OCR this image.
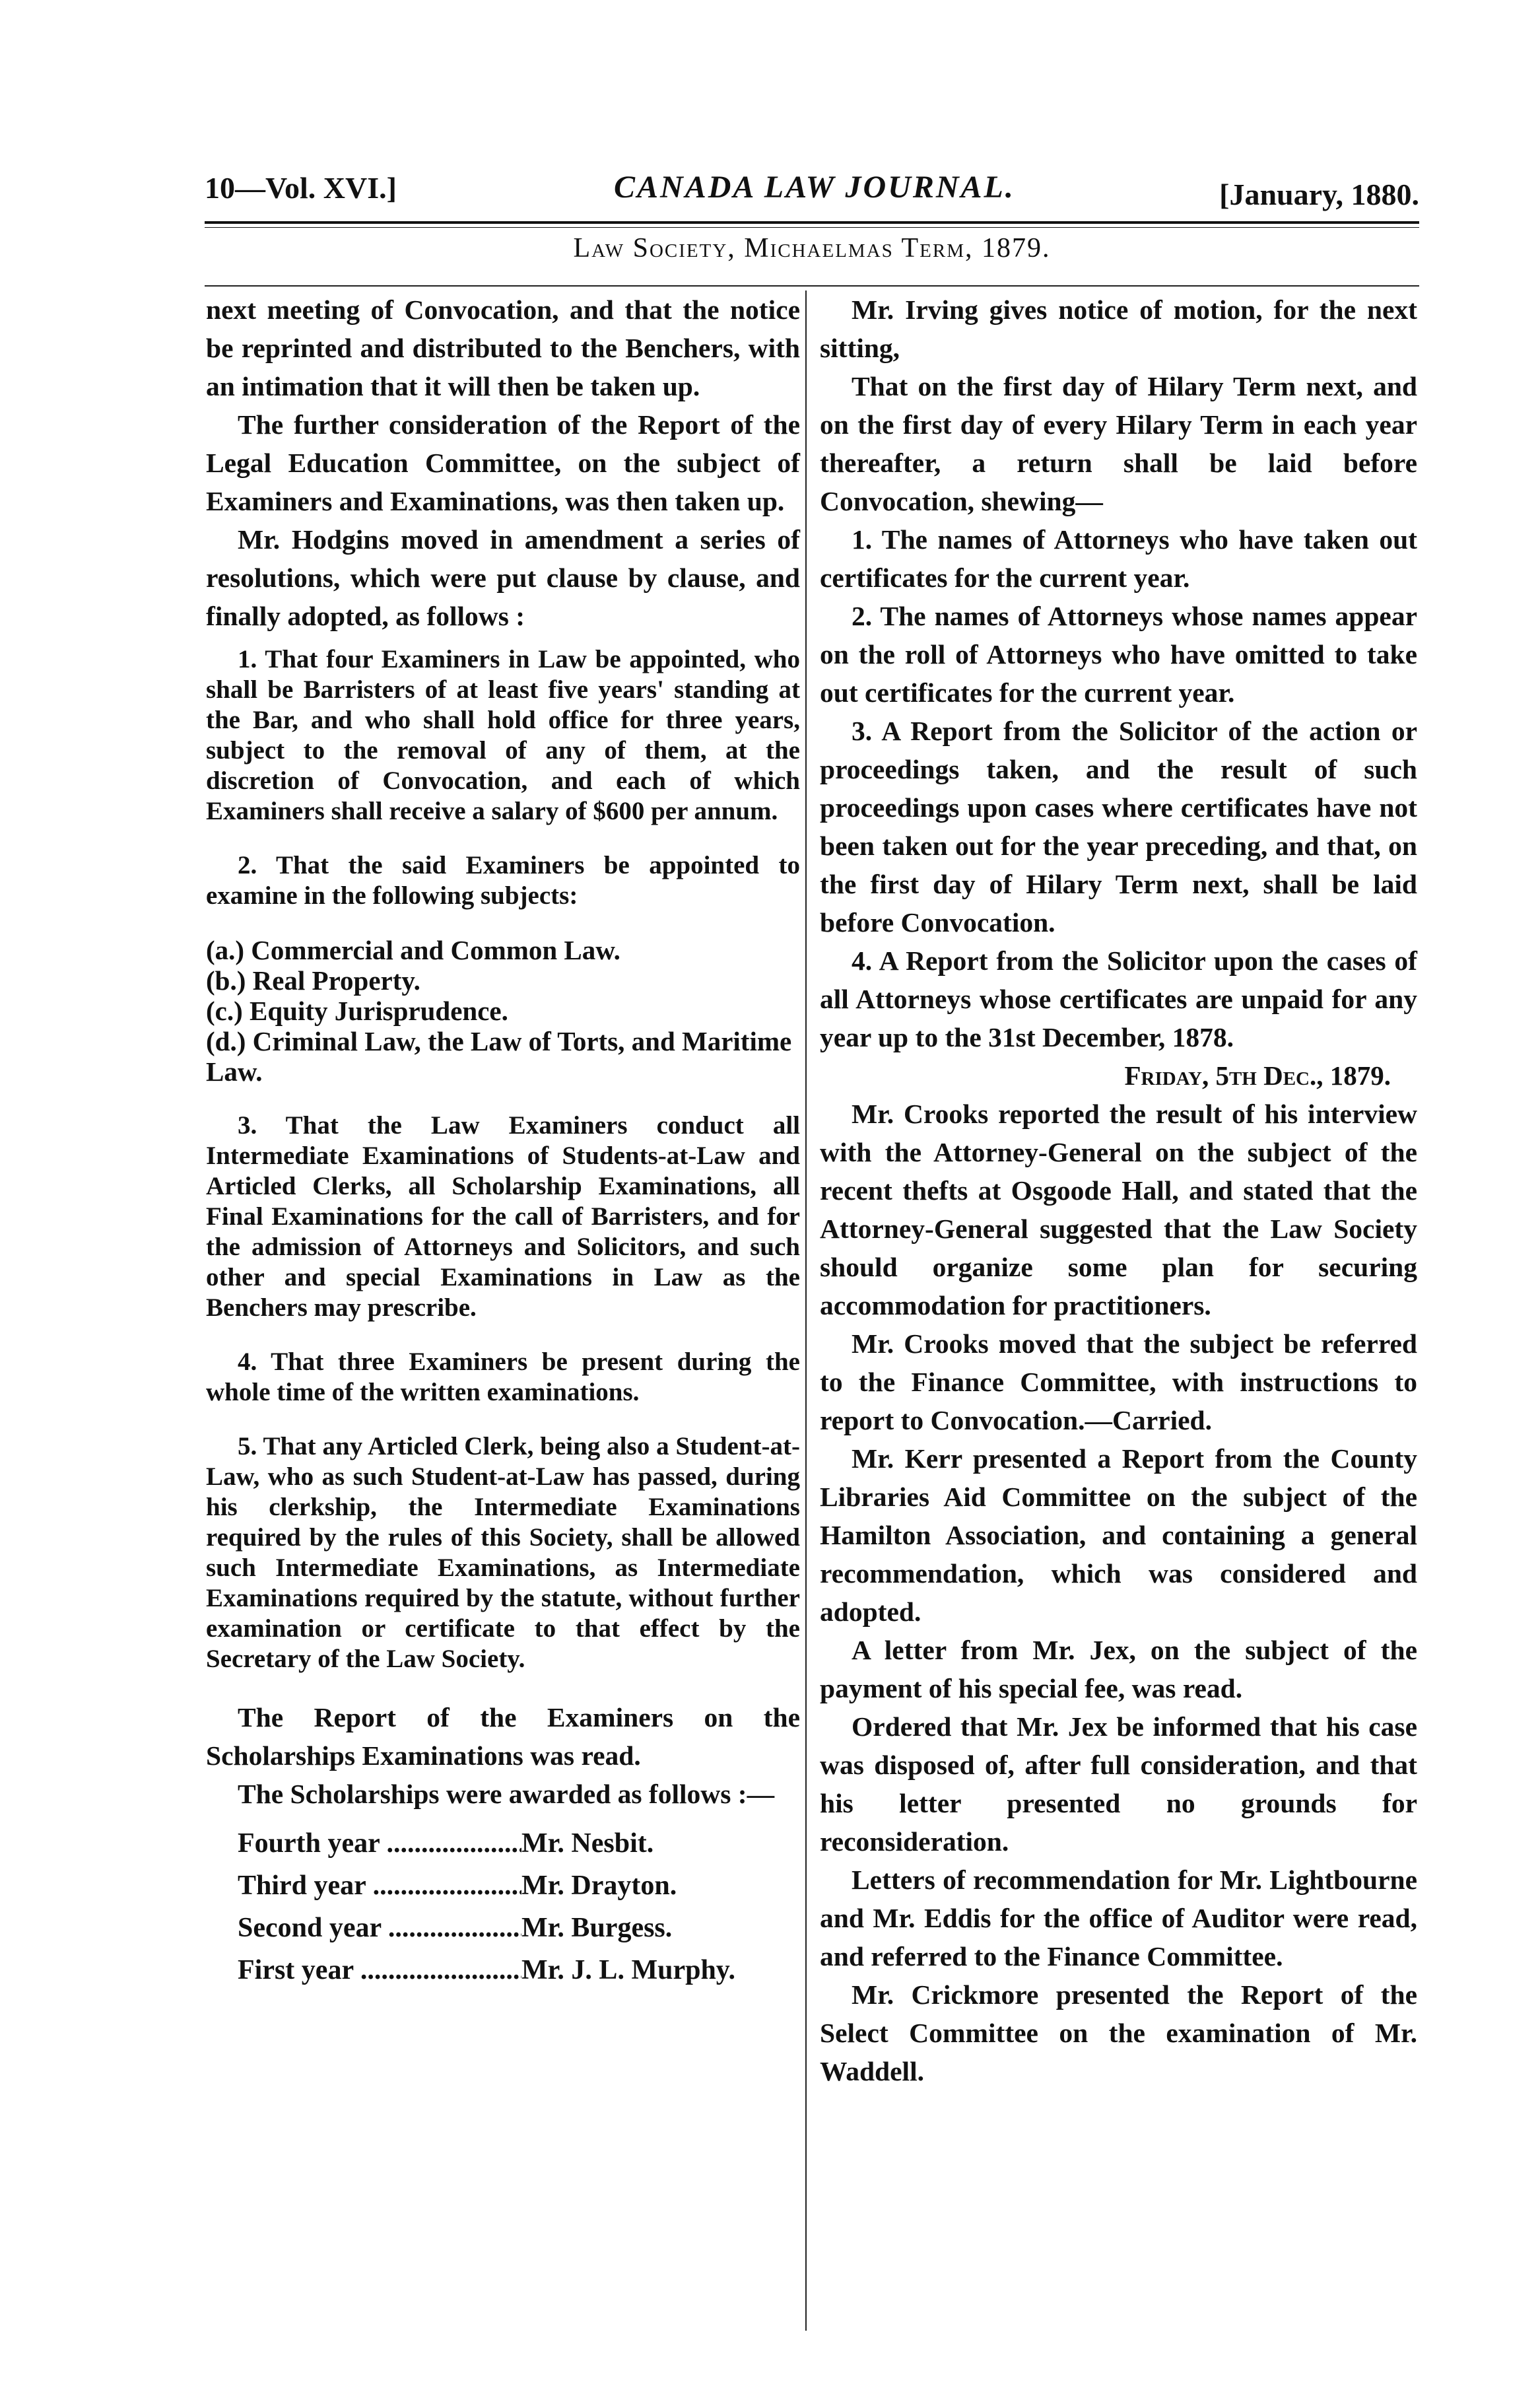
10—Vol. XVI.]	CANADA LAW JOURNAL.	[January, 1880.
Law Society, Michaelmas Term, 1879.

next meeting of Convocation, and that the notice be reprinted and distributed to the Benchers, with an intimation that it will then be taken up.

The further consideration of the Report of the Legal Education Committee, on the subject of Examiners and Examinations, was then taken up.

Mr. Hodgins moved in amendment a series of resolutions, which were put clause by clause, and finally adopted, as follows :

1. That four Examiners in Law be appointed, who shall be Barristers of at least five years' standing at the Bar, and who shall hold office for three years, subject to the removal of any of them, at the discretion of Convocation, and each of which Examiners shall receive a salary of $600 per annum.

2. That the said Examiners be appointed to examine in the following subjects:

(a.) Commercial and Common Law.
(b.) Real Property.
(c.) Equity Jurisprudence.
(d.) Criminal Law, the Law of Torts, and Maritime Law.

3. That the Law Examiners conduct all Intermediate Examinations of Students-at-Law and Articled Clerks, all Scholarship Examinations, all Final Examinations for the call of Barristers, and for the admission of Attorneys and Solicitors, and such other and special Examinations in Law as the Benchers may prescribe.

4. That three Examiners be present during the whole time of the written examinations.

5. That any Articled Clerk, being also a Student-at-Law, who as such Student-at-Law has passed, during his clerkship, the Intermediate Examinations required by the rules of this Society, shall be allowed such Intermediate Examinations, as Intermediate Examinations required by the statute, without further examination or certificate to that effect by the Secretary of the Law Society.

The Report of the Examiners on the Scholarships Examinations was read.

The Scholarships were awarded as follows :—

Fourth year .....	Mr. Nesbit.
Third year .....	Mr. Drayton.
Second year .....	Mr. Burgess.
First year .....	Mr. J. L. Murphy.

Mr. Irving gives notice of motion, for the next sitting,

That on the first day of Hilary Term next, and on the first day of every Hilary Term in each year thereafter, a return shall be laid before Convocation, shewing—

1. The names of Attorneys who have taken out certificates for the current year.

2. The names of Attorneys whose names appear on the roll of Attorneys who have omitted to take out certificates for the current year.

3. A Report from the Solicitor of the action or proceedings taken, and the result of such proceedings upon cases where certificates have not been taken out for the year preceding, and that, on the first day of Hilary Term next, shall be laid before Convocation.

4. A Report from the Solicitor upon the cases of all Attorneys whose certificates are unpaid for any year up to the 31st December, 1878.

Friday, 5th Dec., 1879.

Mr. Crooks reported the result of his interview with the Attorney-General on the subject of the recent thefts at Osgoode Hall, and stated that the Attorney-General suggested that the Law Society should organize some plan for securing accommodation for practitioners.

Mr. Crooks moved that the subject be referred to the Finance Committee, with instructions to report to Convocation.—Carried.

Mr. Kerr presented a Report from the County Libraries Aid Committee on the subject of the Hamilton Association, and containing a general recommendation, which was considered and adopted.

A letter from Mr. Jex, on the subject of the payment of his special fee, was read.

Ordered that Mr. Jex be informed that his case was disposed of, after full consideration, and that his letter presented no grounds for reconsideration.

Letters of recommendation for Mr. Lightbourne and Mr. Eddis for the office of Auditor were read, and referred to the Finance Committee.

Mr. Crickmore presented the Report of the Select Committee on the examination of Mr. Waddell.
